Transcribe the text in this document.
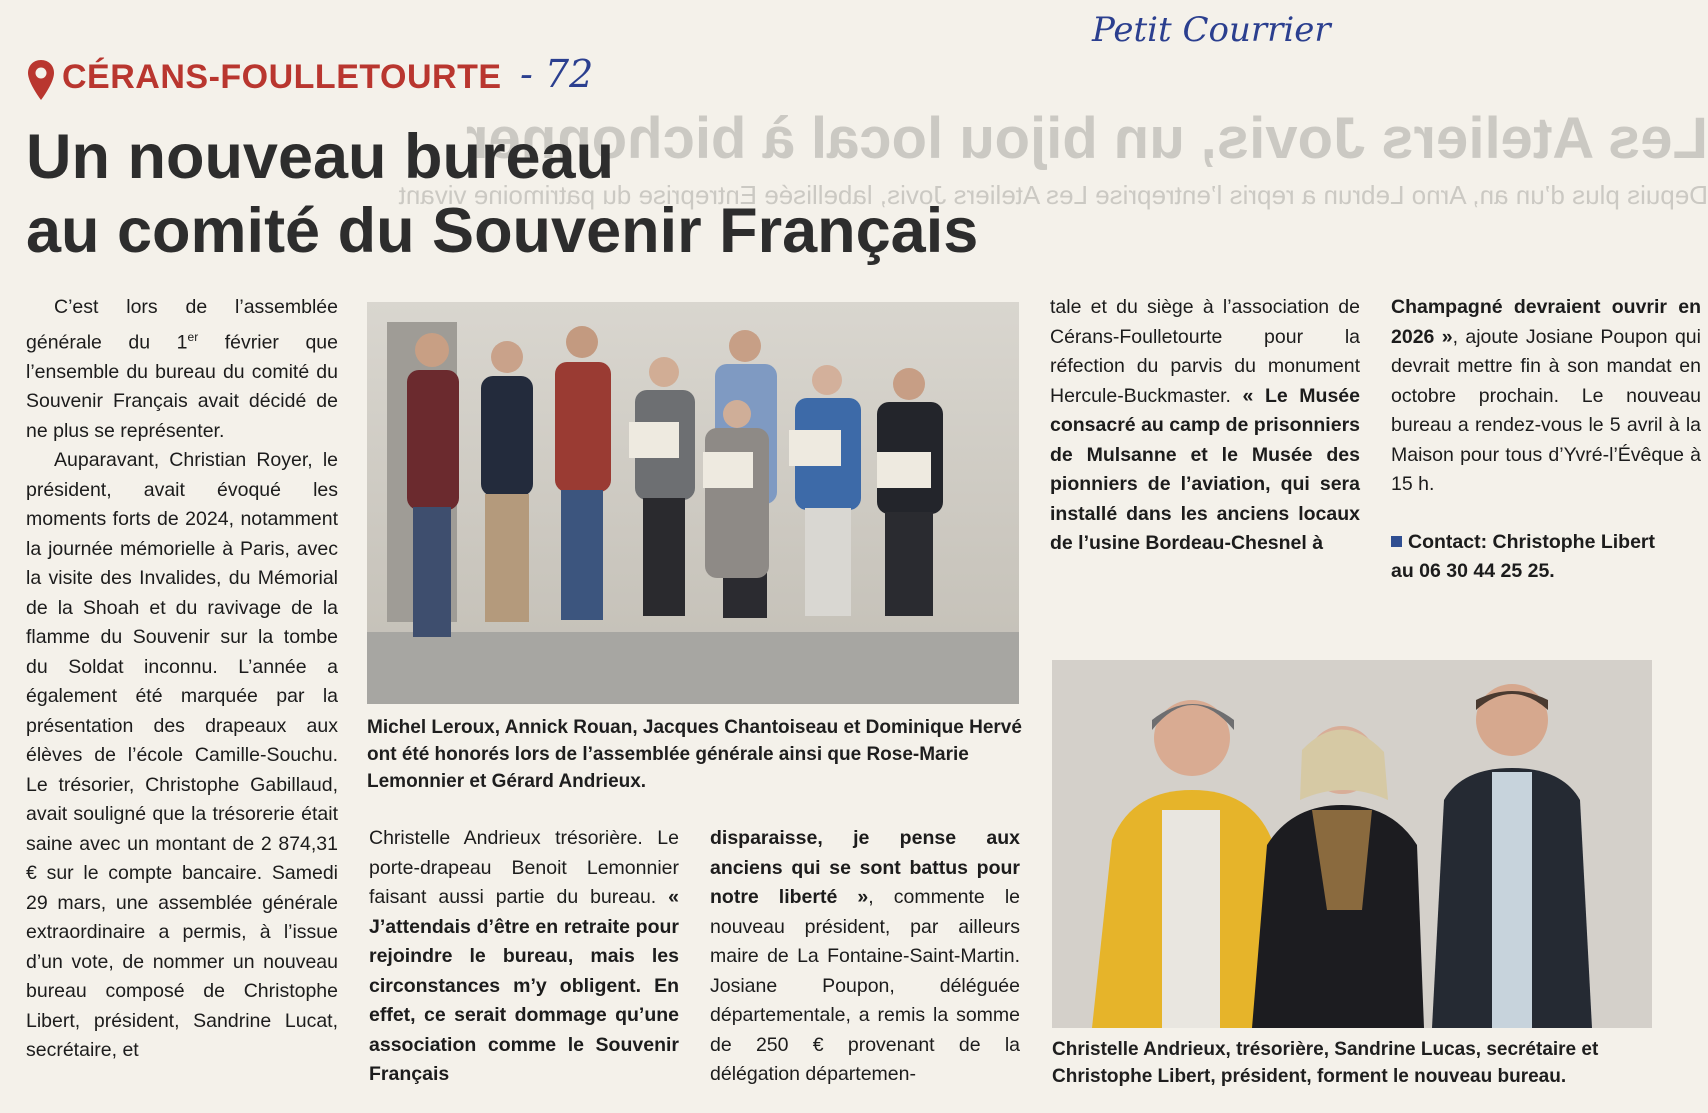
Les Ateliers Jovis, un bijou local à bichonner
Depuis plus d’un an, Arno Lebrun a repris l’entreprise Les Ateliers Jovis, labellisée Entreprise du patrimoine vivant
Petit Courrier
- 72
CÉRANS-FOULLETOURTE
Un nouveau bureau
au comité du Souvenir Français

C’est lors de l’assemblée générale du 1er février que l’ensemble du bureau du comité du Souvenir Français avait décidé de ne plus se représenter.

Auparavant, Christian Royer, le président, avait évoqué les moments forts de 2024, notamment la journée mémorielle à Paris, avec la visite des Invalides, du Mémorial de la Shoah et du ravivage de la flamme du Souvenir sur la tombe du Soldat inconnu. L’année a également été marquée par la présentation des drapeaux aux élèves de l’école Camille-Souchu. Le trésorier, Christophe Gabillaud, avait souligné que la trésorerie était saine avec un montant de 2 874,31 € sur le compte bancaire. Samedi 29 mars, une assemblée générale extraordinaire a permis, à l’issue d’un vote, de nommer un nouveau bureau composé de Christophe Libert, président, Sandrine Lucat, secrétaire, et

Michel Leroux, Annick Rouan, Jacques Chantoiseau et Dominique Hervé ont été honorés lors de l’assemblée générale ainsi que Rose-Marie Lemonnier et Gérard Andrieux.

Christelle Andrieux trésorière. Le porte-drapeau Benoit Lemonnier faisant aussi partie du bureau. « J’attendais d’être en retraite pour rejoindre le bureau, mais les circonstances m’y obligent. En effet, ce serait dommage qu’une association comme le Souvenir Français

disparaisse, je pense aux anciens qui se sont battus pour notre liberté », commente le nouveau président, par ailleurs maire de La Fontaine-Saint-Martin. Josiane Poupon, déléguée départementale, a remis la somme de 250 € provenant de la délégation départemen-

tale et du siège à l’association de Cérans-Foulletourte pour la réfection du parvis du monument Hercule-Buckmaster. « Le Musée consacré au camp de prisonniers de Mulsanne et le Musée des pionniers de l’aviation, qui sera installé dans les anciens locaux de l’usine Bordeau-Chesnel à

Champagné devraient ouvrir en 2026 », ajoute Josiane Poupon qui devrait mettre fin à son mandat en octobre prochain. Le nouveau bureau a rendez-vous le 5 avril à la Maison pour tous d’Yvré-l’Évêque à 15 h.

Contact: Christophe Libert
au 06 30 44 25 25.

Christelle Andrieux, trésorière, Sandrine Lucas, secrétaire et Christophe Libert, président, forment le nouveau bureau.
